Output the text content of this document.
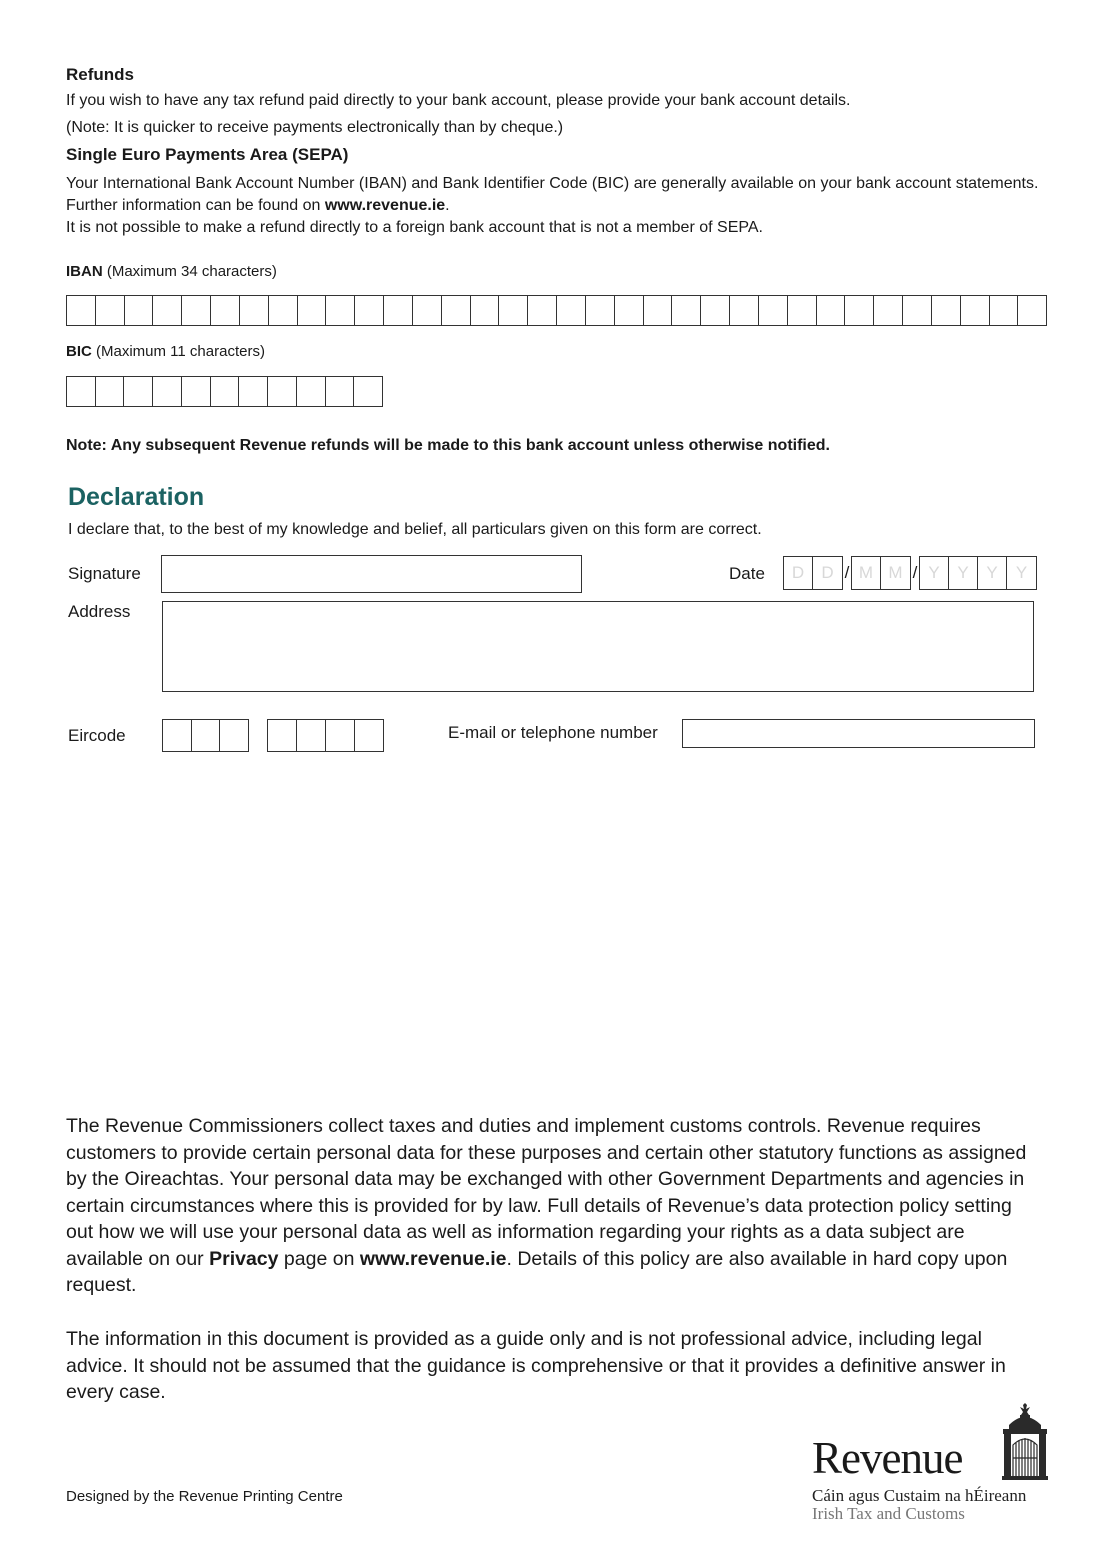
Refunds
If you wish to have any tax refund paid directly to your bank account, please provide your bank account details.
(Note: It is quicker to receive payments electronically than by cheque.)
Single Euro Payments Area (SEPA)
Your International Bank Account Number (IBAN) and Bank Identifier Code (BIC) are generally available on your bank account statements. Further information can be found on www.revenue.ie.
It is not possible to make a refund directly to a foreign bank account that is not a member of SEPA.
IBAN (Maximum 34 characters)
BIC (Maximum 11 characters)
Note: Any subsequent Revenue refunds will be made to this bank account unless otherwise notified.
Declaration
I declare that, to the best of my knowledge and belief, all particulars given on this form are correct.
Signature	Date	D	D / M M / Y	Y	Y	Y
Address
Eircode	E-mail or telephone number
The Revenue Commissioners collect taxes and duties and implement customs controls. Revenue requires customers to provide certain personal data for these purposes and certain other statutory functions as assigned by the Oireachtas. Your personal data may be exchanged with other Government Departments and agencies in certain circumstances where this is provided for by law. Full details of Revenue’s data protection policy setting out how we will use your personal data as well as information regarding your rights as a data subject are available on our Privacy page on www.revenue.ie. Details of this policy are also available in hard copy upon request.
The information in this document is provided as a guide only and is not professional advice, including legal advice. It should not be assumed that the guidance is comprehensive or that it provides a definitive answer in every case.
Designed by the Revenue Printing Centre
Revenue
Cáin agus Custaim na hÉireann
Irish Tax and Customs
